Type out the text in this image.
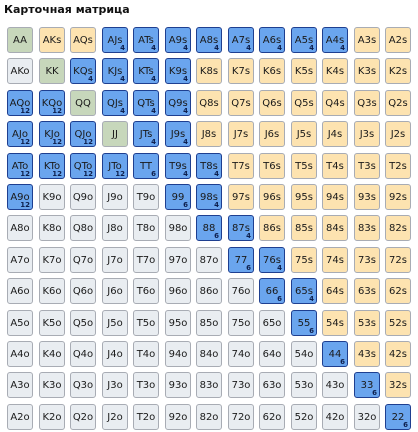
Карточная матрица
AA AKs AQs AJs
4
ATs
4
A9s
4
A8s
4
A7s
4
A6s
4
A5s
4
A4s
4
A3s A2s
AKo KK KQs
4
KJs
4
KTs
4
K9s
4
K8s K7s K6s K5s K4s K3s K2s
AQo
12
KQo
12
QQ QJs
4
QTs
4
Q9s
4
Q8s Q7s Q6s Q5s Q4s Q3s Q2s
AJo
12
KJo
12
QJo
12
JJ JTs
4
J9s
4
J8s J7s J6s J5s J4s J3s J2s
ATo
12
KTo
12
QTo
12
JTo
12
TT
6
T9s
4
T8s
4
T7s T6s T5s T4s T3s T2s
A9o
12
K9o Q9o J9o T9o 99
6
98s
4
97s 96s 95s 94s 93s 92s
A8o K8o Q8o J8o T8o 98o 88
6
87s
4
86s 85s 84s 83s 82s
A7o K7o Q7o J7o T7o 97o 87o 77
6
76s
4
75s 74s 73s 72s
A6o K6o Q6o J6o T6o 96o 86o 76o 66
6
65s
4
64s 63s 62s
A5o K5o Q5o J5o T5o 95o 85o 75o 65o 55
6
54s 53s 52s
A4o K4o Q4o J4o T4o 94o 84o 74o 64o 54o 44
6
43s 42s
A3o K3o Q3o J3o T3o 93o 83o 73o 63o 53o 43o 33
6
32s
A2o K2o Q2o J2o T2o 92o 82o 72o 62o 52o 42o 32o 22
6
